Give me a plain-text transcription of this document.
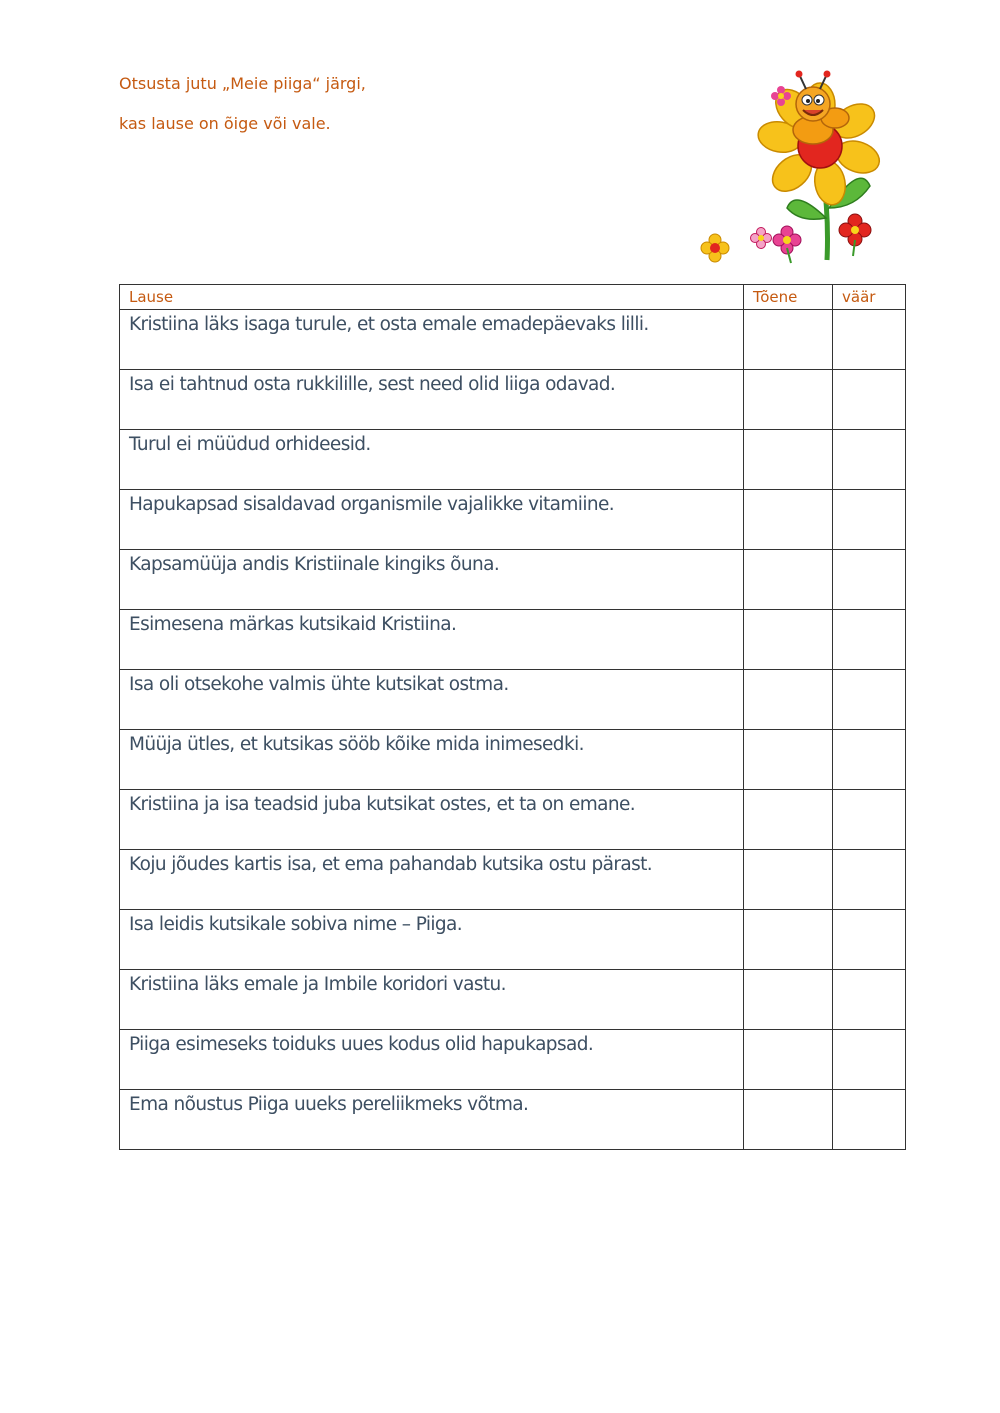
Otsusta jutu „Meie piiga“ järgi,
kas lause on õige või vale.
Lause	Tõene	väär
Kristiina läks isaga turule, et osta emale emadepäevaks lilli.		
Isa ei tahtnud osta rukkilille, sest need olid liiga odavad.		
Turul ei müüdud orhideesid.		
Hapukapsad sisaldavad organismile vajalikke vitamiine.		
Kapsamüüja andis Kristiinale kingiks õuna.		
Esimesena märkas kutsikaid Kristiina.		
Isa oli otsekohe valmis ühte kutsikat ostma.		
Müüja ütles, et kutsikas sööb kõike mida inimesedki.		
Kristiina ja isa teadsid juba kutsikat ostes, et ta on emane.		
Koju jõudes kartis isa, et ema pahandab kutsika ostu pärast.		
Isa leidis kutsikale sobiva nime – Piiga.		
Kristiina läks emale ja Imbile koridori vastu.		
Piiga esimeseks toiduks uues kodus olid hapukapsad.		
Ema nõustus Piiga uueks pereliikmeks võtma.		
